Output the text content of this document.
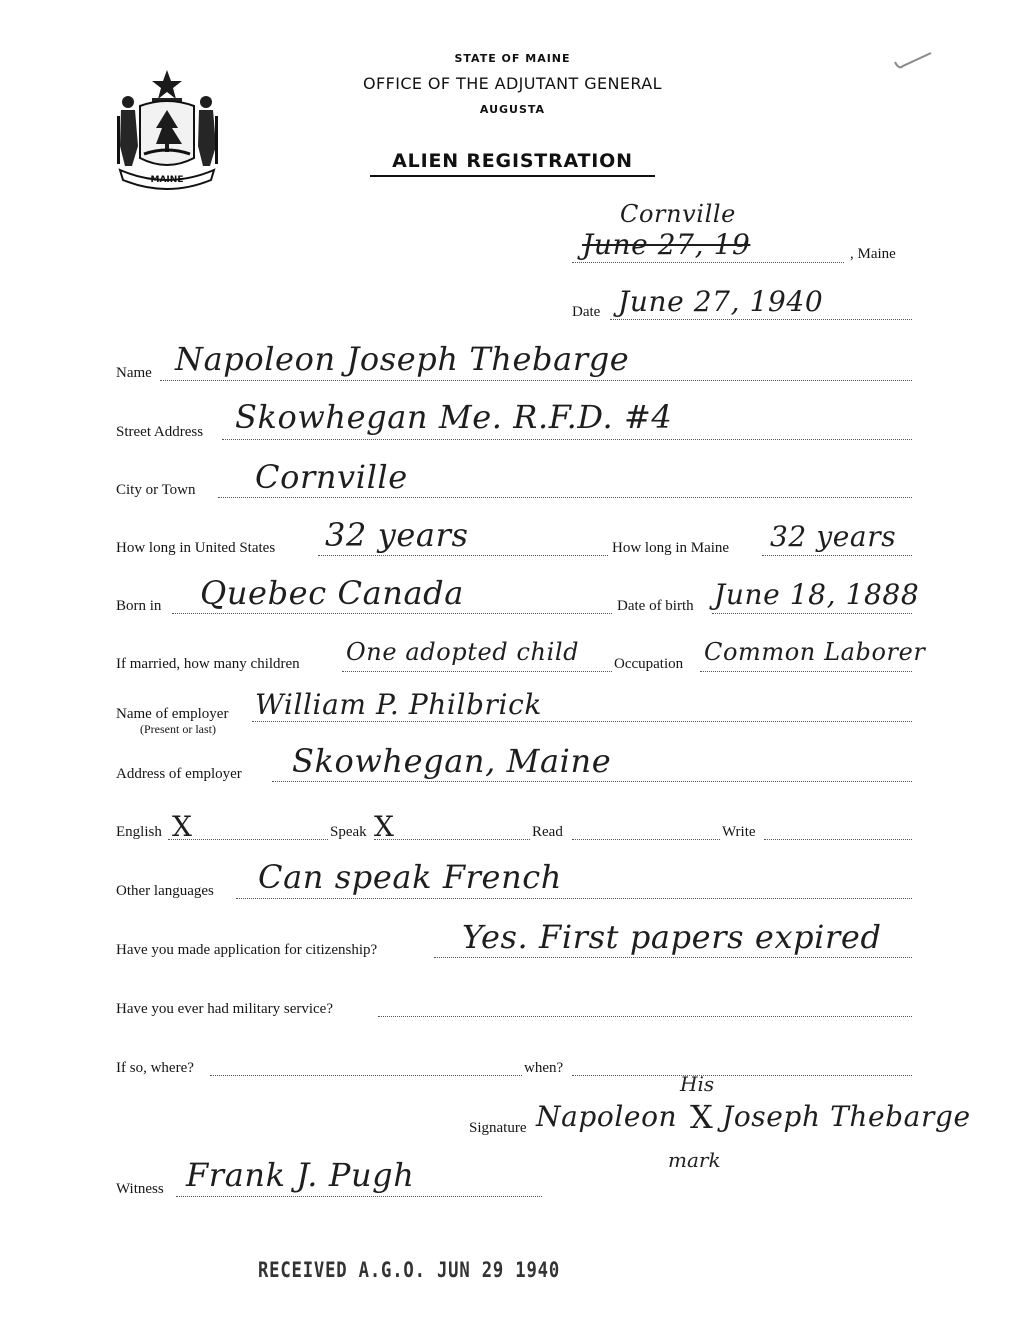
MAINE
STATE OF MAINE
OFFICE OF THE ADJUTANT GENERAL
AUGUSTA
ALIEN REGISTRATION
Cornville
June 27, 19	, Maine
Date June 27, 1940
Name Napoleon Joseph Thebarge
Street Address Skowhegan Me. R.F.D. #4
City or Town Cornville
How long in United States 32 years	How long in Maine 32 years
Born in Quebec Canada	Date of birth June 18, 1888
If married, how many children One adopted child Occupation Common Laborer
Name of employer
(Present or last)
William P. Philbrick
Address of employer Skowhegan, Maine
English X	Speak X	Read	Write
Other languages Can speak French
Have you made application for citizenship?	Yes. First papers expired
Have you ever had military service?
If so, where?	when?
His
Signature Napoleon X Joseph Thebarge
mark
Witness Frank J. Pugh
RECEIVED A.G.O. JUN 29 1940
